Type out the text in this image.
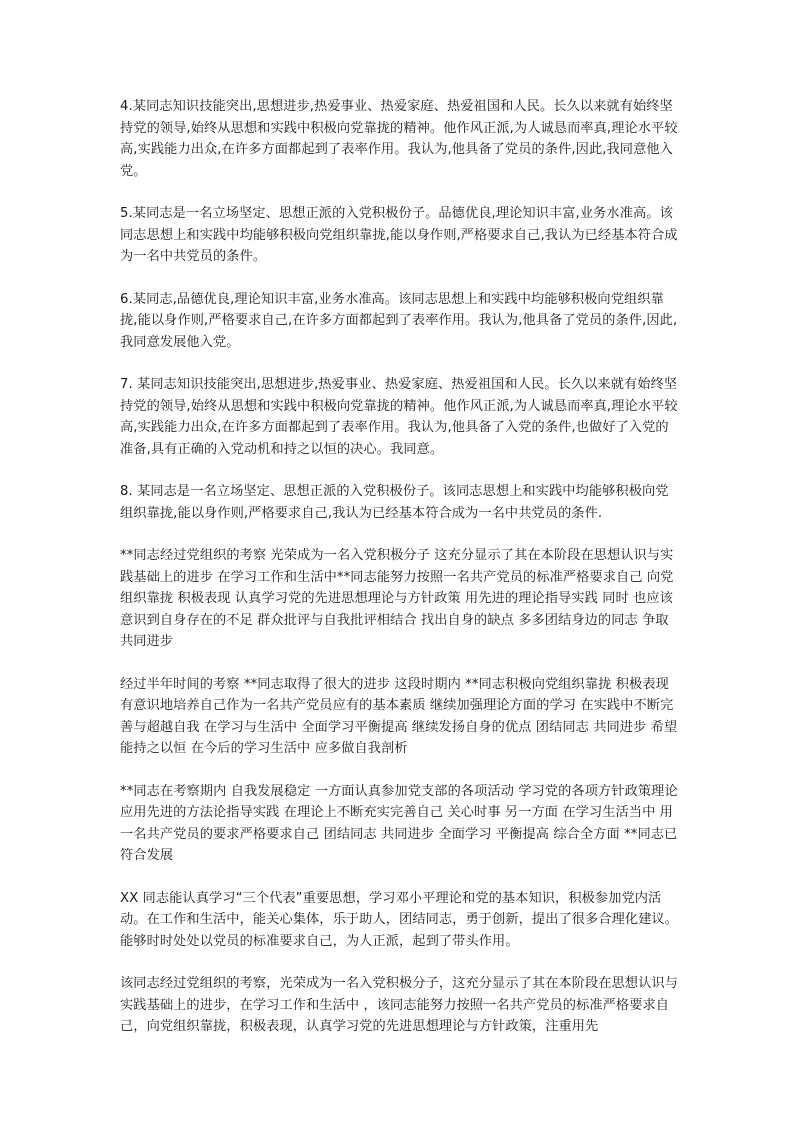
4.某同志知识技能突出,思想进步,热爱事业、热爱家庭、热爱祖国和人民。长久以来就有始终坚持党的领导,始终从思想和实践中积极向党靠拢的精神。他作风正派,为人诚恳而率真,理论水平较高,实践能力出众,在许多方面都起到了表率作用。我认为,他具备了党员的条件,因此,我同意他入党。

5.某同志是一名立场坚定、思想正派的入党积极份子。品德优良,理论知识丰富,业务水准高。该同志思想上和实践中均能够积极向党组织靠拢,能以身作则,严格要求自己,我认为已经基本符合成为一名中共党员的条件。

6.某同志,品德优良,理论知识丰富,业务水准高。该同志思想上和实践中均能够积极向党组织靠拢,能以身作则,严格要求自己,在许多方面都起到了表率作用。我认为,他具备了党员的条件,因此,我同意发展他入党。

7. 某同志知识技能突出,思想进步,热爱事业、热爱家庭、热爱祖国和人民。长久以来就有始终坚持党的领导,始终从思想和实践中积极向党靠拢的精神。他作风正派,为人诚恳而率真,理论水平较高,实践能力出众,在许多方面都起到了表率作用。我认为,他具备了入党的条件,也做好了入党的准备,具有正确的入党动机和持之以恒的决心。我同意。

8. 某同志是一名立场坚定、思想正派的入党积极份子。该同志思想上和实践中均能够积极向党组织靠拢,能以身作则,严格要求自己,我认为已经基本符合成为一名中共党员的条件.

**同志经过党组织的考察 光荣成为一名入党积极分子 这充分显示了其在本阶段在思想认识与实践基础上的进步 在学习工作和生活中**同志能努力按照一名共产党员的标准严格要求自己 向党组织靠拢 积极表现 认真学习党的先进思想理论与方针政策 用先进的理论指导实践 同时 也应该意识到自身存在的不足 群众批评与自我批评相结合 找出自身的缺点 多多团结身边的同志 争取共同进步

经过半年时间的考察 **同志取得了很大的进步 这段时期内 **同志积极向党组织靠拢 积极表现 有意识地培养自己作为一名共产党员应有的基本素质 继续加强理论方面的学习 在实践中不断完善与超越自我 在学习与生活中 全面学习平衡提高 继续发扬自身的优点 团结同志 共同进步 希望能持之以恒 在今后的学习生活中 应多做自我剖析

**同志在考察期内 自我发展稳定 一方面认真参加党支部的各项活动 学习党的各项方针政策理论 应用先进的方法论指导实践 在理论上不断充实完善自己 关心时事 另一方面 在学习生活当中 用一名共产党员的要求严格要求自己 团结同志 共同进步 全面学习 平衡提高 综合全方面 **同志已符合发展

XX 同志能认真学习“三个代表”重要思想，学习邓小平理论和党的基本知识，积极参加党内活动。在工作和生活中，能关心集体，乐于助人，团结同志，勇于创新，提出了很多合理化建议。能够时时处处以党员的标准要求自己，为人正派，起到了带头作用。

该同志经过党组织的考察，光荣成为一名入党积极分子，这充分显示了其在本阶段在思想认识与实践基础上的进步，在学习工作和生活中 ，该同志能努力按照一名共产党员的标准严格要求自己，向党组织靠拢，积极表现，认真学习党的先进思想理论与方针政策，注重用先
